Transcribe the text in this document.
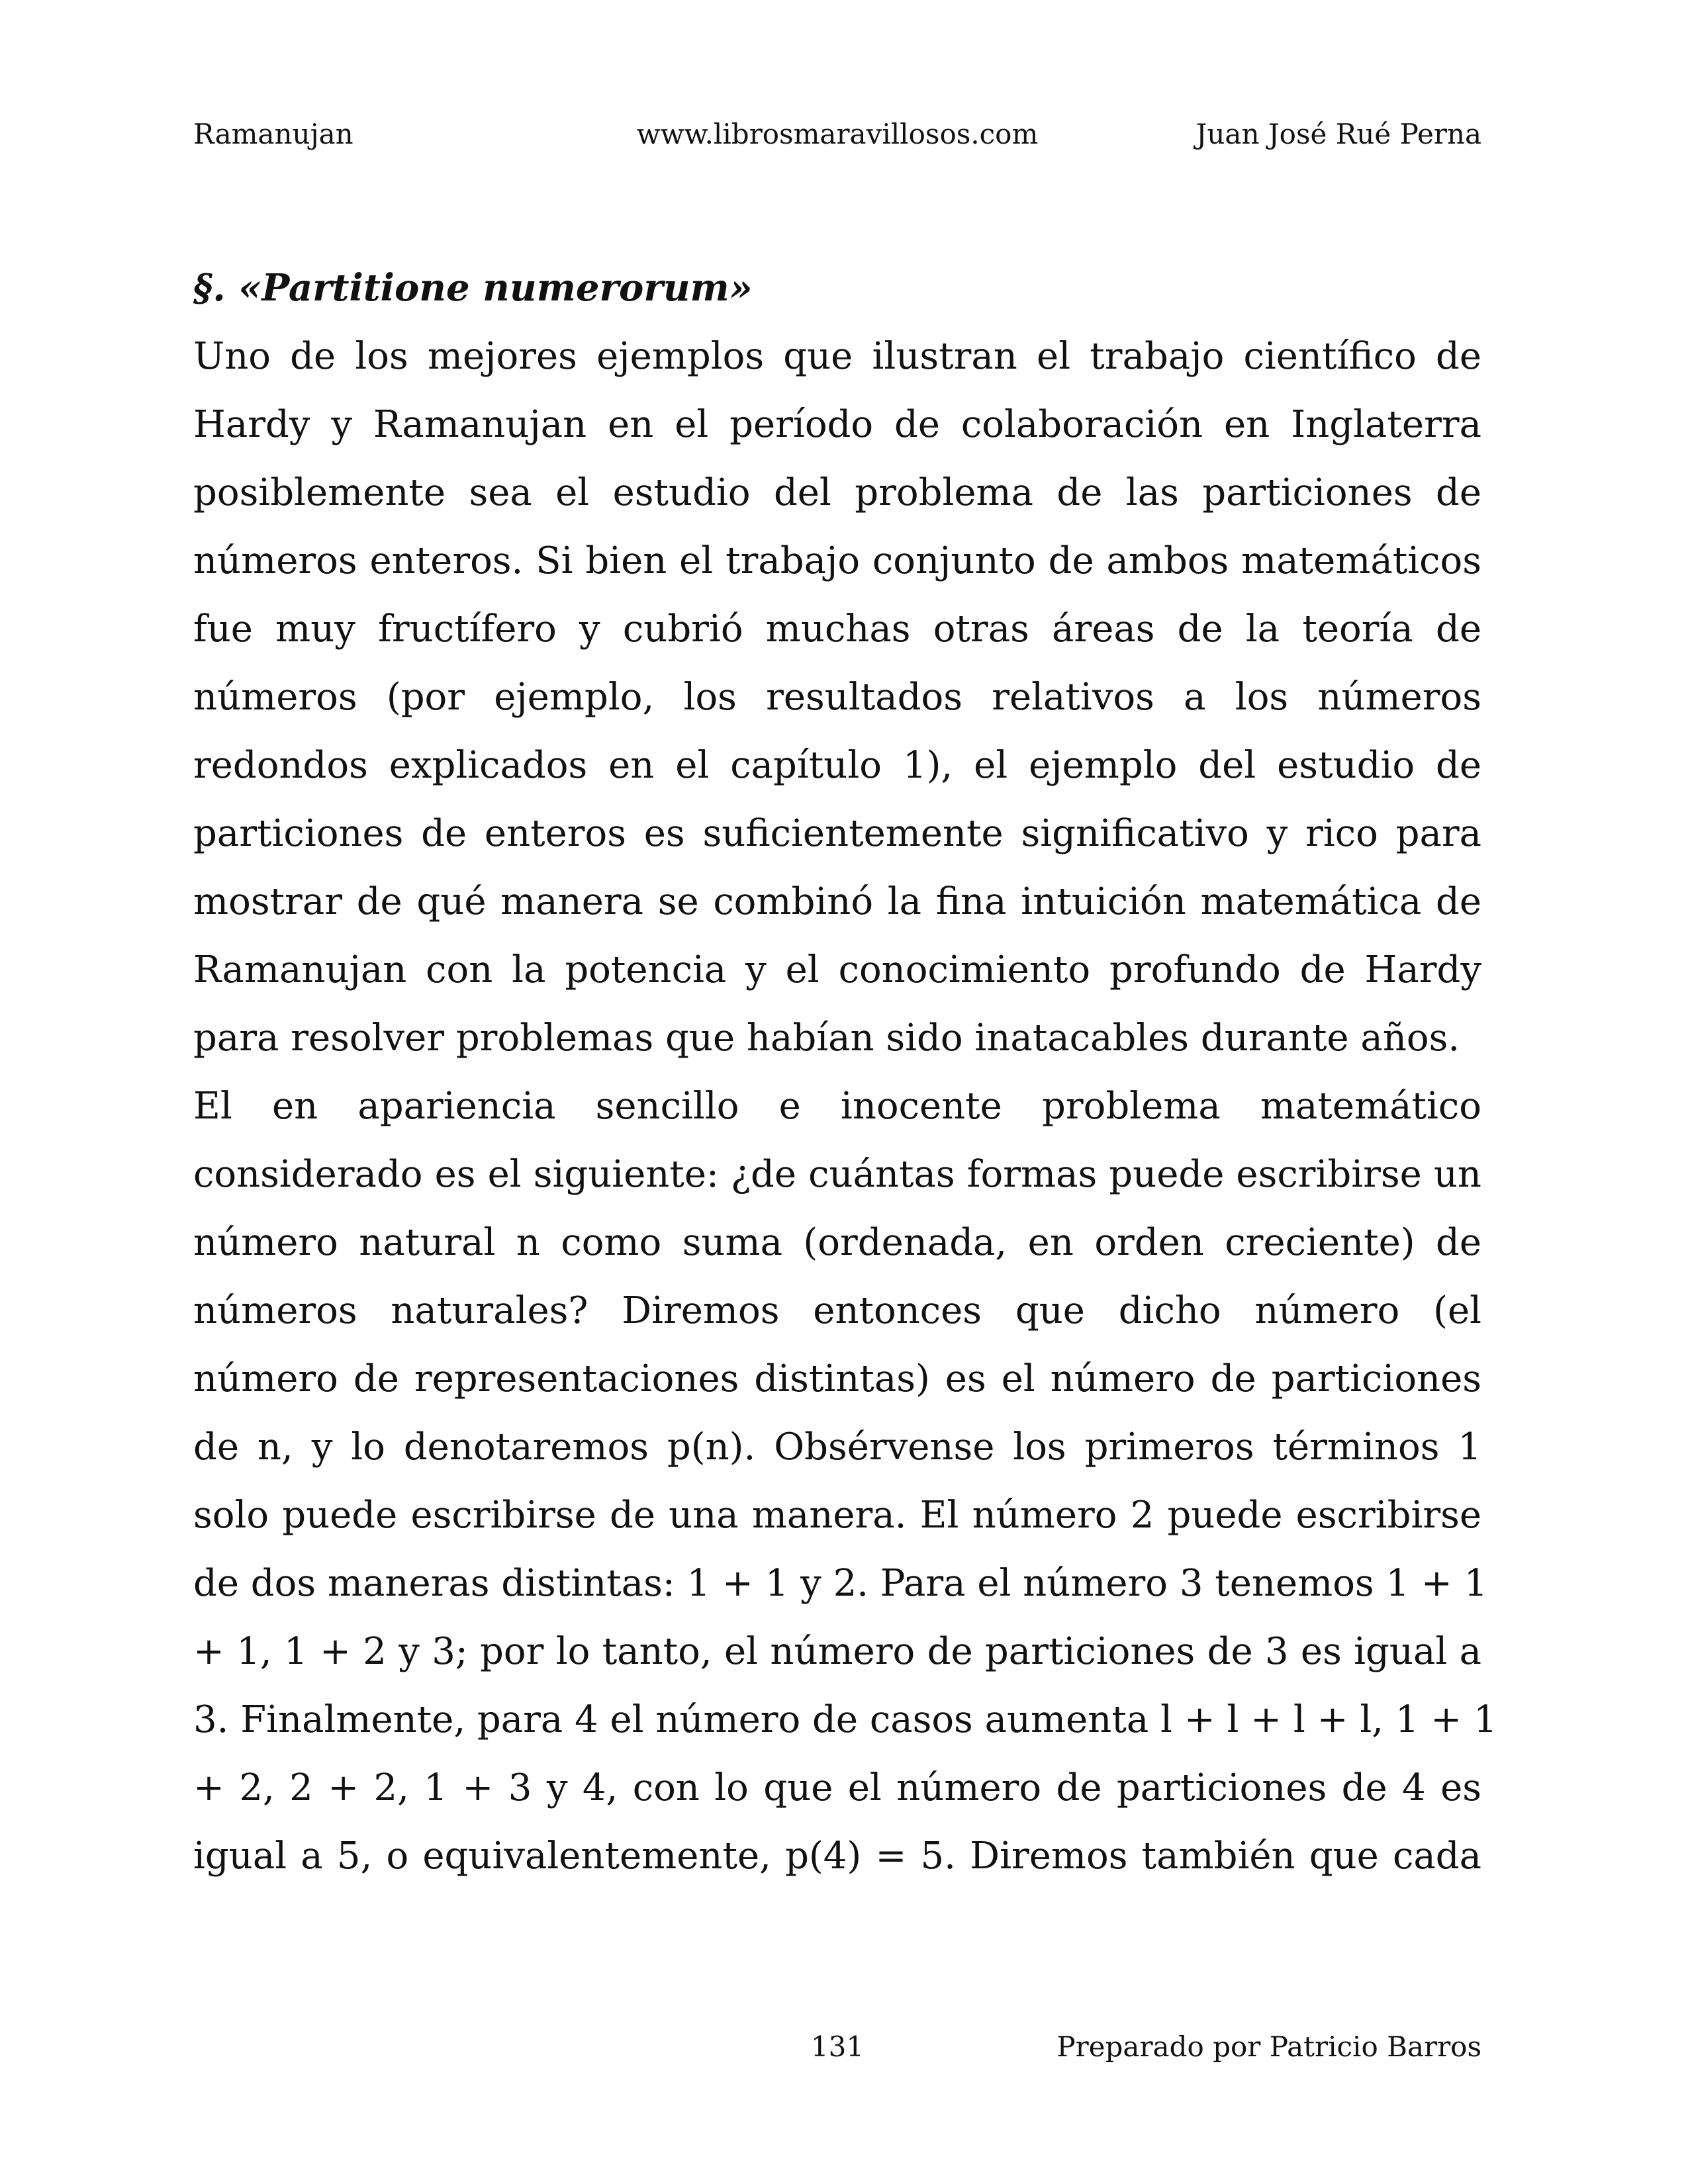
Ramanujan	www.librosmaravillosos.com	Juan José Rué Perna
§. «Partitione numerorum»
Uno de los mejores ejemplos que ilustran el trabajo científico de
Hardy y Ramanujan en el período de colaboración en Inglaterra
posiblemente sea el estudio del problema de las particiones de
números enteros. Si bien el trabajo conjunto de ambos matemáticos
fue muy fructífero y cubrió muchas otras áreas de la teoría de
números (por ejemplo, los resultados relativos a los números
redondos explicados en el capítulo 1), el ejemplo del estudio de
particiones de enteros es suficientemente significativo y rico para
mostrar de qué manera se combinó la fina intuición matemática de
Ramanujan con la potencia y el conocimiento profundo de Hardy
para resolver problemas que habían sido inatacables durante años.
El en apariencia sencillo e inocente problema matemático
considerado es el siguiente: ¿de cuántas formas puede escribirse un
número natural n como suma (ordenada, en orden creciente) de
números naturales? Diremos entonces que dicho número (el
número de representaciones distintas) es el número de particiones
de n, y lo denotaremos p(n). Obsérvense los primeros términos 1
solo puede escribirse de una manera. El número 2 puede escribirse
de dos maneras distintas: 1 + 1 y 2. Para el número 3 tenemos 1 + 1
+ 1, 1 + 2 y 3; por lo tanto, el número de particiones de 3 es igual a
3. Finalmente, para 4 el número de casos aumenta l + l + l + l, 1 + 1
+ 2, 2 + 2, 1 + 3 y 4, con lo que el número de particiones de 4 es
igual a 5, o equivalentemente, p(4) = 5. Diremos también que cada
131	Preparado por Patricio Barros
